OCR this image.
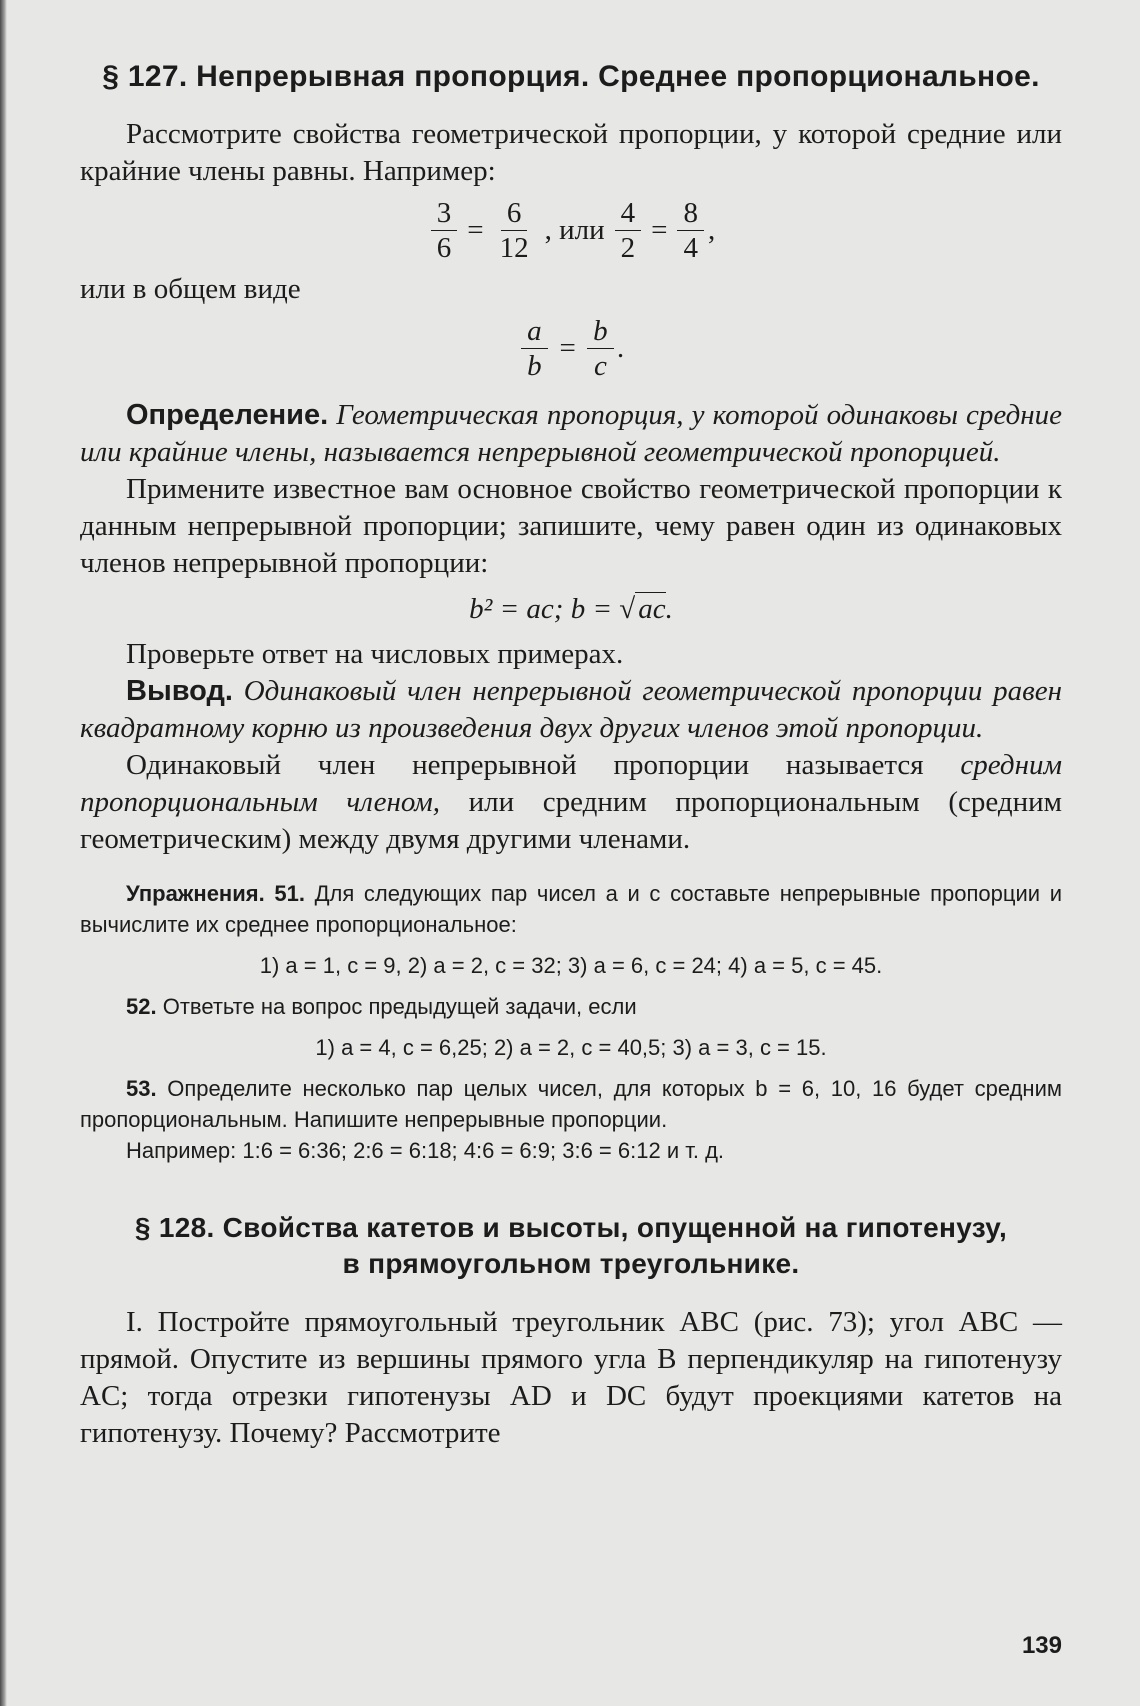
§ 127. Непрерывная пропорция. Среднее пропорциональное.

Рассмотрите свойства геометрической пропорции, у которой средние или крайние члены равны. Например:

$\frac{3}{6} = \frac{6}{12}$ , или $\frac{4}{2} = \frac{8}{4}$ ,

или в общем виде

$\frac{a}{b} = \frac{b}{c}$ .

Определение. Геометрическая пропорция, у которой одинаковы средние или крайние члены, называется непрерывной геометрической пропорцией.

Примените известное вам основное свойство геометрической пропорции к данным непрерывной пропорции; запишите, чему равен один из одинаковых членов непрерывной пропорции:

b² = ac; b = √ ac .

Проверьте ответ на числовых примерах.

Вывод. Одинаковый член непрерывной геометрической пропорции равен квадратному корню из произведения двух других членов этой пропорции.

Одинаковый член непрерывной пропорции называется средним пропорциональным членом, или средним пропорциональным (средним геометрическим) между двумя другими членами.

Упражнения. 51. Для следующих пар чисел a и c составьте непрерывные пропорции и вычислите их среднее пропорциональное:

1) a = 1, c = 9, 2) a = 2, c = 32; 3) a = 6, c = 24; 4) a = 5, c = 45.

52. Ответьте на вопрос предыдущей задачи, если

1) a = 4, c = 6,25; 2) a = 2, c = 40,5; 3) a = 3, c = 15.

53. Определите несколько пар целых чисел, для которых b = 6, 10, 16 будет средним пропорциональным. Напишите непрерывные пропорции.

Например: 1:6 = 6:36; 2:6 = 6:18; 4:6 = 6:9; 3:6 = 6:12 и т. д.

§ 128. Свойства катетов и высоты, опущенной на гипотенузу,
в прямоугольном треугольнике.

I. Постройте прямоугольный треугольник ABC (рис. 73); угол ABC — прямой. Опустите из вершины прямого угла B перпендикуляр на гипотенузу AC; тогда отрезки гипотенузы AD и DC будут проекциями катетов на гипотенузу. Почему? Рассмотрите

139
